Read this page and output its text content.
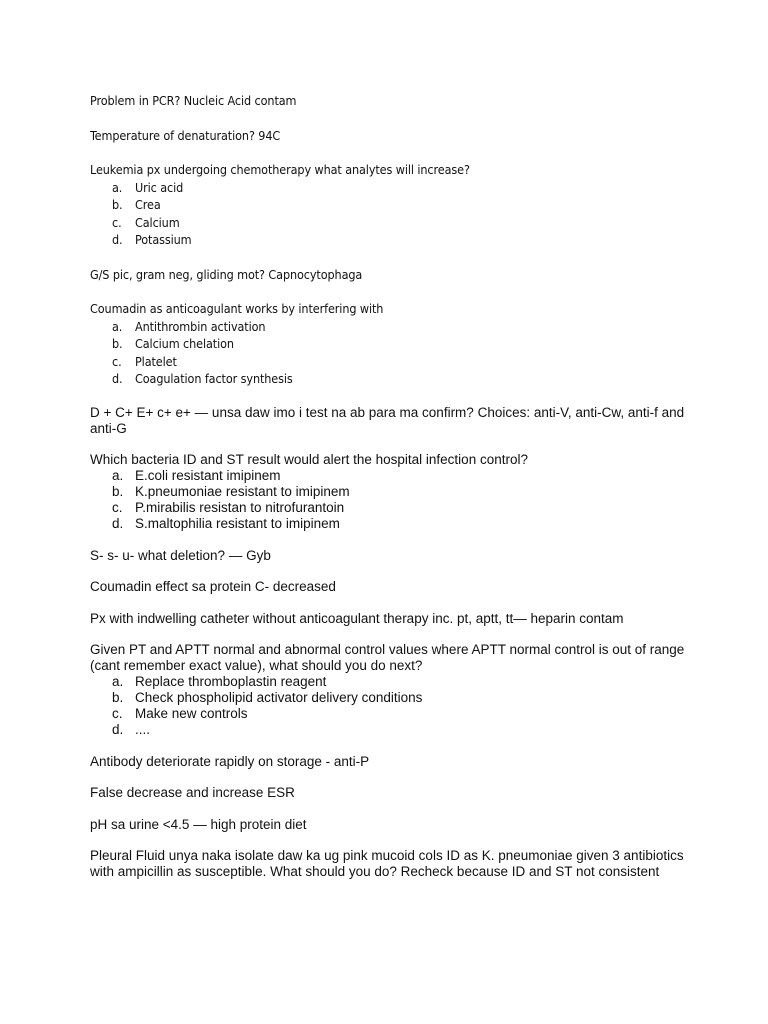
Problem in PCR? Nucleic Acid contam
Temperature of denaturation? 94C
Leukemia px undergoing chemotherapy what analytes will increase?
a. Uric acid
b. Crea
c. Calcium
d. Potassium
G/S pic, gram neg, gliding mot? Capnocytophaga
Coumadin as anticoagulant works by interfering with
a. Antithrombin activation
b. Calcium chelation
c. Platelet
d. Coagulation factor synthesis
D + C+ E+ c+ e+ — unsa daw imo i test na ab para ma confirm? Choices: anti-V, anti-Cw, anti-f and anti-G
Which bacteria ID and ST result would alert the hospital infection control?
a. E.coli resistant imipinem
b. K.pneumoniae resistant to imipinem
c. P.mirabilis resistan to nitrofurantoin
d. S.maltophilia resistant to imipinem
S- s- u- what deletion? — Gyb
Coumadin effect sa protein C- decreased
Px with indwelling catheter without anticoagulant therapy inc. pt, aptt, tt— heparin contam
Given PT and APTT normal and abnormal control values where APTT normal control is out of range (cant remember exact value), what should you do next?
a. Replace thromboplastin reagent
b. Check phospholipid activator delivery conditions
c. Make new controls
d. ....
Antibody deteriorate rapidly on storage - anti-P
False decrease and increase ESR
pH sa urine <4.5 — high protein diet
Pleural Fluid unya naka isolate daw ka ug pink mucoid cols ID as K. pneumoniae given 3 antibiotics with ampicillin as susceptible. What should you do? Recheck because ID and ST not consistent
